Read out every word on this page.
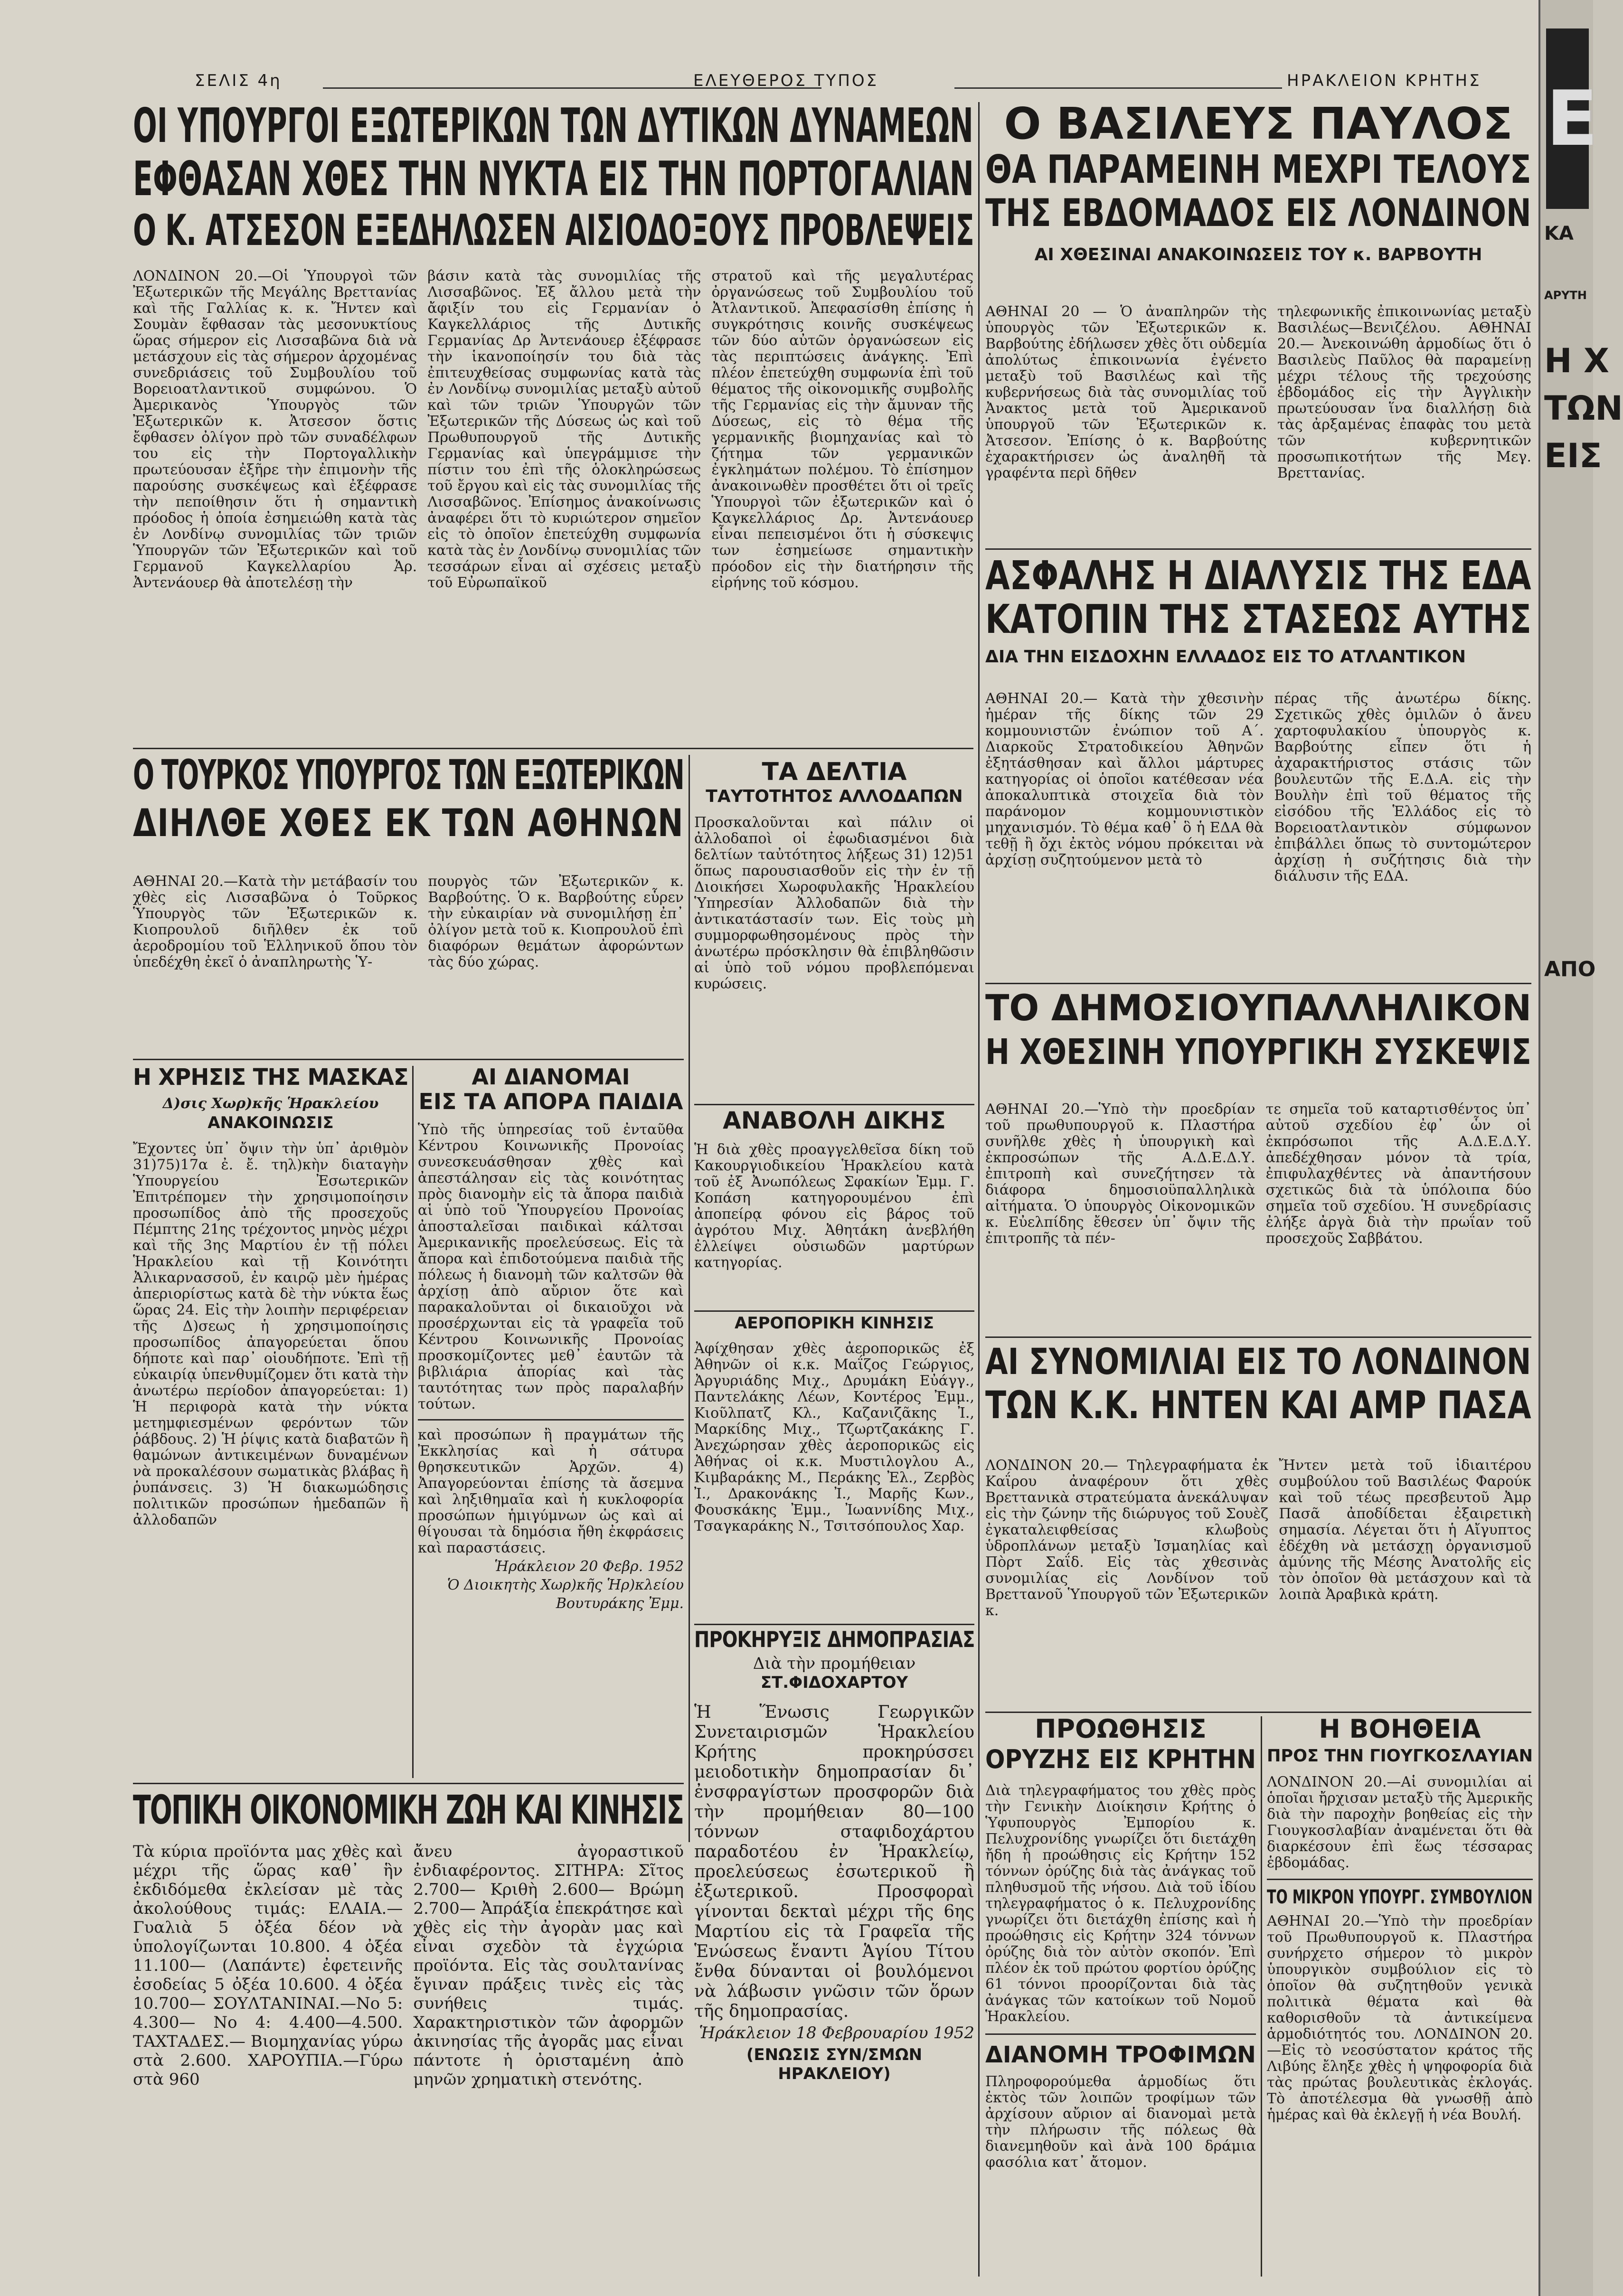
ΣΕΛΙΣ 4η	ΕΛΕΥΘΕΡΟΣ ΤΥΠΟΣ	ΗΡΑΚΛΕΙΟΝ ΚΡΗΤΗΣ
ΟΙ ΥΠΟΥΡΓΟΙ ΕΞΩΤΕΡΙΚΩΝ ΤΩΝ ΔΥΤΙΚΩΝ ΔΥΝΑΜΕΩΝ
ΕΦΘΑΣΑΝ ΧΘΕΣ ΤΗΝ ΝΥΚΤΑ ΕΙΣ ΤΗΝ ΠΟΡΤΟΓΑΛΙΑΝ
Ο Κ. ΑΤΣΕΣΟΝ ΕΞΕΔΗΛΩΣΕΝ ΑΙΣΙΟΔΟΞΟΥΣ ΠΡΟΒΛΕΨΕΙΣ

ΛΟΝΔΙΝΟΝ 20.—Οἱ Ὑπουργοὶ τῶν Ἐξωτερικῶν τῆς Μεγάλης Βρεττανίας καὶ τῆς Γαλλίας κ. κ. Ἤντεν καὶ Σουμὰν ἔφθασαν τὰς μεσονυκτίους ὥρας σήμερον εἰς Λισσαβῶνα διὰ νὰ μετάσχουν εἰς τὰς σήμερον ἀρχομένας συνεδριάσεις τοῦ Συμβουλίου τοῦ Βορειοατλαντικοῦ συμφώνου. Ὁ Ἀμερικανὸς Ὑπουργὸς τῶν Ἐξωτερικῶν κ. Ἀτσεσον ὅστις ἔφθασεν ὀλίγον πρὸ τῶν συναδέλφων του εἰς τὴν Πορτογαλλικὴν πρωτεύουσαν ἐξῆρε τὴν ἐπιμονὴν τῆς παρούσης συσκέψεως καὶ ἐξέφρασε τὴν πεποίθησιν ὅτι ἡ σημαντικὴ πρόοδος ἡ ὁποία ἐσημειώθη κατὰ τὰς ἐν Λονδίνῳ συνομιλίας τῶν τριῶν Ὑπουργῶν τῶν Ἐξωτερικῶν καὶ τοῦ Γερμανοῦ Καγκελλαρίου Ἀρ. Ἀντενάουερ θὰ ἀποτελέσῃ τὴν

βάσιν κατὰ τὰς συνομιλίας τῆς Λισσαβῶνος. Ἐξ ἄλλου μετὰ τὴν ἄφιξίν του εἰς Γερμανίαν ὁ Καγκελλάριος τῆς Δυτικῆς Γερμανίας Δρ Ἀντενάουερ ἐξέφρασε τὴν ἱκανοποίησίν του διὰ τὰς ἐπιτευχθείσας συμφωνίας κατὰ τὰς ἐν Λονδίνῳ συνομιλίας μεταξὺ αὐτοῦ καὶ τῶν τριῶν Ὑπουργῶν τῶν Ἐξωτερικῶν τῆς Δύσεως ὡς καὶ τοῦ Πρωθυπουργοῦ τῆς Δυτικῆς Γερμανίας καὶ ὑπεγράμμισε τὴν πίστιν του ἐπὶ τῆς ὁλοκληρώσεως τοῦ ἔργου καὶ εἰς τὰς συνομιλίας τῆς Λισσαβῶνος. Ἐπίσημος ἀνακοίνωσις ἀναφέρει ὅτι τὸ κυριώτερον σημεῖον εἰς τὸ ὁποῖον ἐπετεύχθη συμφωνία κατὰ τὰς ἐν Λονδίνῳ συνομιλίας τῶν τεσσάρων εἶναι αἱ σχέσεις μεταξὺ τοῦ Εὐρωπαϊκοῦ

στρατοῦ καὶ τῆς μεγαλυτέρας ὀργανώσεως τοῦ Συμβουλίου τοῦ Ἀτλαντικοῦ. Ἀπεφασίσθη ἐπίσης ἡ συγκρότησις κοινῆς συσκέψεως τῶν δύο αὐτῶν ὀργανώσεων εἰς τὰς περιπτώσεις ἀνάγκης. Ἐπὶ πλέον ἐπετεύχθη συμφωνία ἐπὶ τοῦ θέματος τῆς οἰκονομικῆς συμβολῆς τῆς Γερμανίας εἰς τὴν ἄμυναν τῆς Δύσεως, εἰς τὸ θέμα τῆς γερμανικῆς βιομηχανίας καὶ τὸ ζήτημα τῶν γερμανικῶν ἐγκλημάτων πολέμου. Τὸ ἐπίσημον ἀνακοινωθὲν προσθέτει ὅτι οἱ τρεῖς Ὑπουργοὶ τῶν ἐξωτερικῶν καὶ ὁ Καγκελλάριος Δρ. Ἀντενάουερ εἶναι πεπεισμένοι ὅτι ἡ σύσκεψις των ἐσημείωσε σημαντικὴν πρόοδον εἰς τὴν διατήρησιν τῆς εἰρήνης τοῦ κόσμου.

Ο ΒΑΣΙΛΕΥΣ ΠΑΥΛΟΣ
ΘΑ ΠΑΡΑΜΕΙΝΗ ΜΕΧΡΙ ΤΕΛΟΥΣ
ΤΗΣ ΕΒΔΟΜΑΔΟΣ ΕΙΣ ΛΟΝΔΙΝΟΝ

ΑΙ ΧΘΕΣΙΝΑΙ ΑΝΑΚΟΙΝΩΣΕΙΣ ΤΟΥ κ. ΒΑΡΒΟΥΤΗ

ΑΘΗΝΑΙ 20 — Ὁ ἀναπληρῶν τὴς ὑπουργὸς τῶν Ἐξωτερικῶν κ. Βαρβούτης ἐδήλωσεν χθὲς ὅτι οὐδεμία ἀπολύτως ἐπικοινωνία ἐγένετο μεταξὺ τοῦ Βασιλέως καὶ τῆς κυβερνήσεως διὰ τὰς συνομιλίας τοῦ Ἀνακτος μετὰ τοῦ Ἀμερικανοῦ ὑπουργοῦ τῶν Ἐξωτερικῶν κ. Ἀτσεσον. Ἐπίσης ὁ κ. Βαρβούτης ἐχαρακτήρισεν ὡς ἀναληθῆ τὰ γραφέντα περὶ δῆθεν

τηλεφωνικῆς ἐπικοινωνίας μεταξὺ Βασιλέως—Βενιζέλου. ΑΘΗΝΑΙ 20.— Ἀνεκοινώθη ἀρμοδίως ὅτι ὁ Βασιλεὺς Παῦλος θὰ παραμείνῃ μέχρι τέλους τῆς τρεχούσης ἑβδομάδος εἰς τὴν Ἀγγλικὴν πρωτεύουσαν ἵνα διαλλήσῃ διὰ τὰς ἀρξαμένας ἐπαφὰς του μετὰ τῶν κυβερνητικῶν προσωπικοτήτων τῆς Μεγ. Βρεττανίας.

ΑΣΦΑΛΗΣ Η ΔΙΑΛΥΣΙΣ ΤΗΣ ΕΔΑ
ΚΑΤΟΠΙΝ ΤΗΣ ΣΤΑΣΕΩΣ ΑΥΤΗΣ

ΔΙΑ ΤΗΝ ΕΙΣΔΟΧΗΝ ΕΛΛΑΔΟΣ ΕΙΣ ΤΟ ΑΤΛΑΝΤΙΚΟΝ

ΑΘΗΝΑΙ 20.— Κατὰ τὴν χθεσινὴν ἡμέραν τῆς δίκης τῶν 29 κομμουνιστῶν ἐνώπιον τοῦ Α΄. Διαρκοῦς Στρατοδικείου Ἀθηνῶν ἐξητάσθησαν καὶ ἄλλοι μάρτυρες κατηγορίας οἱ ὁποῖοι κατέθεσαν νέα ἀποκαλυπτικὰ στοιχεῖα διὰ τὸν παράνομον κομμουνιστικὸν μηχανισμόν. Τὸ θέμα καθ᾽ ὃ ἡ ΕΔΑ θὰ τεθῇ ἢ ὄχι ἐκτὸς νόμου πρόκειται νὰ ἀρχίσῃ συζητούμενον μετὰ τὸ

πέρας τῆς ἀνωτέρω δίκης. Σχετικῶς χθὲς ὁμιλῶν ὁ ἄνευ χαρτοφυλακίου ὑπουργὸς κ. Βαρβούτης εἶπεν ὅτι ἡ ἀχαρακτήριστος στάσις τῶν βουλευτῶν τῆς Ε.Δ.Α. εἰς τὴν Βουλὴν ἐπὶ τοῦ θέματος τῆς εἰσόδου τῆς Ἑλλάδος εἰς τὸ Βορειοατλαντικὸν σύμφωνον ἐπιβάλλει ὅπως τὸ συντομώτερον ἀρχίσῃ ἡ συζήτησις διὰ τὴν διάλυσιν τῆς ΕΔΑ.

ΤΟ ΔΗΜΟΣΙΟΥΠΑΛΛΗΛΙΚΟΝ
Η ΧΘΕΣΙΝΗ ΥΠΟΥΡΓΙΚΗ ΣΥΣΚΕΨΙΣ

ΑΘΗΝΑΙ 20.—Ὑπὸ τὴν προεδρίαν τοῦ πρωθυπουργοῦ κ. Πλαστήρα συνῆλθε χθὲς ἡ ὑπουργικὴ καὶ ἐκπροσώπων τῆς Α.Δ.Ε.Δ.Υ. ἐπιτροπὴ καὶ συνεζήτησεν τὰ διάφορα δημοσιοϋπαλληλικὰ αἰτήματα. Ὁ ὑπουργὸς Οἰκονομικῶν κ. Εὐελπίδης ἔθεσεν ὑπ᾽ ὄψιν τῆς ἐπιτροπῆς τὰ πέν-

τε σημεῖα τοῦ καταρτισθέντος ὑπ᾽ αὐτοῦ σχεδίου ἐφ᾽ ὧν οἱ ἐκπρόσωποι τῆς Α.Δ.Ε.Δ.Υ. ἀπεδέχθησαν μόνον τὰ τρία, ἐπιφυλαχθέντες νὰ ἀπαντήσουν σχετικῶς διὰ τὰ ὑπόλοιπα δύο σημεῖα τοῦ σχεδίου. Ἡ συνεδρίασις ἐλήξε ἀργὰ διὰ τὴν πρωΐαν τοῦ προσεχοῦς Σαββάτου.

ΑΙ ΣΥΝΟΜΙΛΙΑΙ ΕΙΣ ΤΟ ΛΟΝΔΙΝΟΝ
ΤΩΝ Κ.Κ. ΗΝΤΕΝ ΚΑΙ ΑΜΡ ΠΑΣΑ

ΛΟΝΔΙΝΟΝ 20.— Τηλεγραφήματα ἐκ Καΐρου ἀναφέρουν ὅτι χθὲς Βρεττανικὰ στρατεύματα ἀνεκάλυψαν εἰς τὴν ζώνην τῆς διώρυγος τοῦ Σουὲζ ἐγκαταλειφθείσας κλωβοὺς ὑδροπλάνων μεταξὺ Ἰσμαηλίας καὶ Πὸρτ Σαΐδ. Εἰς τὰς χθεσινὰς συνομιλίας εἰς Λονδίνον τοῦ Βρεττανοῦ Ὑπουργοῦ τῶν Ἐξωτερικῶν κ.

Ἤντεν μετὰ τοῦ ἰδιαιτέρου συμβούλου τοῦ Βασιλέως Φαρούκ καὶ τοῦ τέως πρεσβευτοῦ Ἀμρ Πασᾶ ἀποδίδεται ἐξαιρετικὴ σημασία. Λέγεται ὅτι ἡ Αἴγυπτος ἐδέχθη νὰ μετάσχῃ ὀργανισμοῦ ἀμύνης τῆς Μέσης Ἀνατολῆς εἰς τὸν ὁποῖον θὰ μετάσχουν καὶ τὰ λοιπὰ Ἀραβικὰ κράτη.

ΠΡΟΩΘΗΣΙΣ
ΟΡΥΖΗΣ ΕΙΣ ΚΡΗΤΗΝ

Διὰ τηλεγραφήματος του χθὲς πρὸς τὴν Γενικὴν Διοίκησιν Κρήτης ὁ Ὑφυπουργὸς Ἐμπορίου κ. Πελυχρονίδης γνωρίζει ὅτι διετάχθη ἤδη ἡ προώθησις εἰς Κρήτην 152 τόννων ὀρύζης διὰ τὰς ἀνάγκας τοῦ πληθυσμοῦ τῆς νήσου. Διὰ τοῦ ἰδίου τηλεγραφήματος ὁ κ. Πελυχρονίδης γνωρίζει ὅτι διετάχθη ἐπίσης καὶ ἡ προώθησις εἰς Κρήτην 324 τόννων ὀρύζης διὰ τὸν αὐτὸν σκοπόν. Ἐπὶ πλέον ἐκ τοῦ πρώτου φορτίου ὀρύζης 61 τόννοι προορίζονται διὰ τὰς ἀνάγκας τῶν κατοίκων τοῦ Νομοῦ Ἡρακλείου.

ΔΙΑΝΟΜΗ ΤΡΟΦΙΜΩΝ

Πληροφορούμεθα ἁρμοδίως ὅτι ἐκτὸς τῶν λοιπῶν τροφίμων τῶν ἀρχίσουν αὔριον αἱ διανομαὶ μετὰ τὴν πλήρωσιν τῆς πόλεως θὰ διανεμηθοῦν καὶ ἀνὰ 100 δράμια φασόλια κατ᾽ ἄτομον.

Η ΒΟΗΘΕΙΑ
ΠΡΟΣ ΤΗΝ ΓΙΟΥΓΚΟΣΛΑΥΙΑΝ

ΛΟΝΔΙΝΟΝ 20.—Αἱ συνομιλίαι αἱ ὁποῖαι ἤρχισαν μεταξὺ τῆς Ἀμερικῆς διὰ τὴν παροχὴν βοηθείας εἰς τὴν Γιουγκοσλαβίαν ἀναμένεται ὅτι θὰ διαρκέσουν ἐπὶ ἕως τέσσαρας ἑβδομάδας.

ΤΟ ΜΙΚΡΟΝ ΥΠΟΥΡΓ. ΣΥΜΒΟΥΛΙΟΝ

ΑΘΗΝΑΙ 20.—Ὑπὸ τὴν προεδρίαν τοῦ Πρωθυπουργοῦ κ. Πλαστήρα συνήρχετο σήμερον τὸ μικρὸν ὑπουργικὸν συμβούλιον εἰς τὸ ὁποῖον θὰ συζητηθοῦν γενικὰ πολιτικὰ θέματα καὶ θὰ καθορισθοῦν τὰ ἀντικείμενα ἁρμοδιότητός του. ΛΟΝΔΙΝΟΝ 20.—Εἰς τὸ νεοσύστατον κράτος τῆς Λιβύης ἔληξε χθὲς ἡ ψηφοφορία διὰ τὰς πρώτας βουλευτικὰς ἐκλογάς. Τὸ ἀποτέλεσμα θὰ γνωσθῇ ἀπὸ ἡμέρας καὶ θὰ ἐκλεγῇ ἡ νέα Βουλή.

Ο ΤΟΥΡΚΟΣ ΥΠΟΥΡΓΟΣ ΤΩΝ ΕΞΩΤΕΡΙΚΩΝ
ΔΙΗΛΘΕ ΧΘΕΣ ΕΚ ΤΩΝ ΑΘΗΝΩΝ

ΑΘΗΝΑΙ 20.—Κατὰ τὴν μετάβασίν του χθὲς εἰς Λισσαβῶνα ὁ Τοῦρκος Ὑπουργὸς τῶν Ἐξωτερικῶν κ. Κιοπρουλοῦ διῆλθεν ἐκ τοῦ ἀεροδρομίου τοῦ Ἑλληνικοῦ ὅπου τὸν ὑπεδέχθη ἐκεῖ ὁ ἀναπληρωτὴς Ὑ-

πουργὸς τῶν Ἐξωτερικῶν κ. Βαρβούτης. Ὁ κ. Βαρβούτης εὗρεν τὴν εὐκαιρίαν νὰ συνομιλήσῃ ἐπ᾽ ὀλίγον μετὰ τοῦ κ. Κιοπρουλοῦ ἐπὶ διαφόρων θεμάτων ἀφορώντων τὰς δύο χώρας.

ΤΑ ΔΕΛΤΙΑ
ΤΑΥΤΟΤΗΤΟΣ ΑΛΛΟΔΑΠΩΝ

Προσκαλοῦνται καὶ πάλιν οἱ ἀλλοδαποὶ οἱ ἐφωδιασμένοι διὰ δελτίων ταὐτότητος λήξεως 31) 12)51 ὅπως παρουσιασθοῦν εἰς τὴν ἐν τῇ Διοικήσει Χωροφυλακῆς Ἡρακλείου Ὑπηρεσίαν Ἀλλοδαπῶν διὰ τὴν ἀντικατάστασίν των. Εἰς τοὺς μὴ συμμορφωθησομένους πρὸς τὴν ἀνωτέρω πρόσκλησιν θὰ ἐπιβληθῶσιν αἱ ὑπὸ τοῦ νόμου προβλεπόμεναι κυρώσεις.

ΑΝΑΒΟΛΗ ΔΙΚΗΣ

Ἡ διὰ χθὲς προαγγελθεῖσα δίκη τοῦ Κακουργιοδικείου Ἡρακλείου κατὰ τοῦ ἐξ Ἀνωπόλεως Σφακίων Ἐμμ. Γ. Κοπάση κατηγορουμένου ἐπὶ ἀποπείρᾳ φόνου εἰς βάρος τοῦ ἀγρότου Μιχ. Ἀθητάκη ἀνεβλήθη ἐλλείψει οὐσιωδῶν μαρτύρων κατηγορίας.

ΑΕΡΟΠΟΡΙΚΗ ΚΙΝΗΣΙΣ

Ἀφίχθησαν χθὲς ἀεροπορικῶς ἐξ Ἀθηνῶν οἱ κ.κ. Μαΐζος Γεώργιος, Ἀργυριάδης Μιχ., Δρυμάκη Εὐάγγ., Παντελάκης Λέων, Κοντέρος Ἐμμ., Κιοῦλπατζ Κλ., Καζανιζᾶκης Ἰ., Μαρκίδης Μιχ., Τζωρτζακάκης Γ. Ἀνεχώρησαν χθὲς ἀεροπορικῶς εἰς Ἀθήνας οἱ κ.κ. Μυστιλογλου Α., Κιμβαράκης Μ., Περάκης Ἐλ., Ζερβὸς Ἰ., Δρακονάκης Ἰ., Μαρῆς Κων., Φουσκάκης Ἐμμ., Ἰωαννίδης Μιχ., Τσαγκαράκης Ν., Τσιτσόπουλος Χαρ.

ΠΡΟΚΗΡΥΞΙΣ ΔΗΜΟΠΡΑΣΙΑΣ

Διὰ τὴν προμήθειαν

ΣΤ.ΦΙΔΟΧΑΡΤΟΥ

Ἡ Ἕνωσις Γεωργικῶν Συνεταιρισμῶν Ἡρακλείου Κρήτης προκηρύσσει μειοδοτικὴν δημοπρασίαν δι᾽ ἐνσφραγίστων προσφορῶν διὰ τὴν προμήθειαν 80—100 τόννων σταφιδοχάρτου παραδοτέου ἐν Ἡρακλείῳ, προελεύσεως ἐσωτερικοῦ ἢ ἐξωτερικοῦ. Προσφοραὶ γίνονται δεκταὶ μέχρι τῆς 6ης Μαρτίου εἰς τὰ Γραφεῖα τῆς Ἑνώσεως ἔναντι Ἁγίου Τίτου ἔνθα δύνανται οἱ βουλόμενοι νὰ λάβωσιν γνῶσιν τῶν ὅρων τῆς δημοπρασίας.

Ἡράκλειον 18 Φεβρουαρίου 1952

(ΕΝΩΣΙΣ ΣΥΝ/ΣΜΩΝ

ΗΡΑΚΛΕΙΟΥ)

Η ΧΡΗΣΙΣ ΤΗΣ ΜΑΣΚΑΣ

Δ)σις Χωρ)κῆς Ἡρακλείου

ΑΝΑΚΟΙΝΩΣΙΣ

Ἔχοντες ὑπ᾽ ὄψιν τὴν ὑπ᾽ ἀριθμὸν 31)75)17α ἐ. ἔ. τηλ)κὴν διαταγὴν Ὑπουργείου Ἐσωτερικῶν Ἐπιτρέπομεν τὴν χρησιμοποίησιν προσωπίδος ἀπὸ τῆς προσεχοῦς Πέμπτης 21ης τρέχοντος μηνὸς μέχρι καὶ τῆς 3ης Μαρτίου ἐν τῇ πόλει Ἡρακλείου καὶ τῇ Κοινότητι Ἀλικαρνασσοῦ, ἐν καιρῷ μὲν ἡμέρας ἀπεριορίστως κατὰ δὲ τὴν νύκτα ἕως ὥρας 24. Εἰς τὴν λοιπὴν περιφέρειαν τῆς Δ)σεως ἡ χρησιμοποίησις προσωπίδος ἀπαγορεύεται ὅπου δήποτε καὶ παρ᾽ οἱουδήποτε. Ἐπὶ τῇ εὐκαιρίᾳ ὑπενθυμίζομεν ὅτι κατὰ τὴν ἀνωτέρω περίοδον ἀπαγορεύεται: 1) Ἡ περιφορὰ κατὰ τὴν νύκτα μετημφιεσμένων φερόντων τῶν ῥάβδους. 2) Ἡ ῥίψις κατὰ διαβατῶν ἢ θαμώνων ἀντικειμένων δυναμένων νὰ προκαλέσουν σωματικὰς βλάβας ἢ ῥυπάνσεις. 3) Ἡ διακωμώδησις πολιτικῶν προσώπων ἡμεδαπῶν ἢ ἀλλοδαπῶν

ΑΙ ΔΙΑΝΟΜΑΙ
ΕΙΣ ΤΑ ΑΠΟΡΑ ΠΑΙΔΙΑ

Ὑπὸ τῆς ὑπηρεσίας τοῦ ἐνταῦθα Κέντρου Κοινωνικῆς Προνοίας συνεσκευάσθησαν χθὲς καὶ ἀπεστάλησαν εἰς τὰς κοινότητας πρὸς διανομὴν εἰς τὰ ἄπορα παιδιὰ αἱ ὑπὸ τοῦ Ὑπουργείου Προνοίας ἀποσταλεῖσαι παιδικαὶ κάλτσαι Ἀμερικανικῆς προελεύσεως. Εἰς τὰ ἄπορα καὶ ἐπιδοτούμενα παιδιὰ τῆς πόλεως ἡ διανομὴ τῶν καλτσῶν θὰ ἀρχίσῃ ἀπὸ αὔριον ὅτε καὶ παρακαλοῦνται οἱ δικαιοῦχοι νὰ προσέρχωνται εἰς τὰ γραφεῖα τοῦ Κέντρου Κοινωνικῆς Προνοίας προσκομίζοντες μεθ᾽ ἑαυτῶν τὰ βιβλιάρια ἀπορίας καὶ τὰς ταυτότητας των πρὸς παραλαβήν τούτων.

καὶ προσώπων ἢ πραγμάτων τῆς Ἐκκλησίας καὶ ἡ σάτυρα θρησκευτικῶν Ἀρχῶν. 4) Ἀπαγορεύονται ἐπίσης τὰ ἄσεμνα καὶ ληξιθημαῖα καὶ ἡ κυκλοφορία προσώπων ἡμιγύμνων ὡς καὶ αἱ θίγουσαι τὰ δημόσια ἤθη ἐκφράσεις καὶ παραστάσεις.

Ἡράκλειον 20 Φεβρ. 1952

Ὁ Διοικητὴς Χωρ)κῆς Ἡρ)κλείου

Βουτυράκης Ἐμμ.

ΤΟΠΙΚΗ ΟΙΚΟΝΟΜΙΚΗ ΖΩΗ ΚΑΙ ΚΙΝΗΣΙΣ

Τὰ κύρια προϊόντα μας χθὲς καὶ μέχρι τῆς ὥρας καθ᾽ ἣν ἐκδιδόμεθα ἐκλείσαν μὲ τὰς ἀκολούθους τιμάς: ΕΛΑΙΑ.—Γυαλιὰ 5 ὀξέα δέον νὰ ὑπολογίζωνται 10.800. 4 ὀξέα 11.100— (Λαπάντε) ἐφετεινῆς ἐσοδείας 5 ὀξέα 10.600. 4 ὀξέα 10.700— ΣΟΥΛΤΑΝΙΝΑΙ.—Νο 5: 4.300— Νο 4: 4.400—4.500. ΤΑΧΤΑΔΕΣ.— Βιομηχανίας γύρω στὰ 2.600. ΧΑΡΟΥΠΙΑ.—Γύρω στὰ 960

ἄνευ ἀγοραστικοῦ ἐνδιαφέροντος. ΣΙΤΗΡΑ: Σῖτος 2.700— Κριθὴ 2.600— Βρώμη 2.700— Ἀπράξία ἐπεκράτησε καὶ χθὲς εἰς τὴν ἀγορὰν μας καὶ εἶναι σχεδὸν τὰ ἐγχώρια προϊόντα. Εἰς τὰς σουλτανίνας ἔγιναν πράξεις τινὲς εἰς τὰς συνήθεις τιμάς. Χαρακτηριστικὸν τῶν ἀφορμῶν ἀκινησίας τῆς ἀγορᾶς μας εἶναι πάντοτε ἡ ὀρισταμένη ἀπὸ μηνῶν χρηματικὴ στενότης.

Ε
ΚΑ
ΑΡΥΤΗ
Η Χ
ΤΩΝ
ΕΙΣ
ΑΠΟ
